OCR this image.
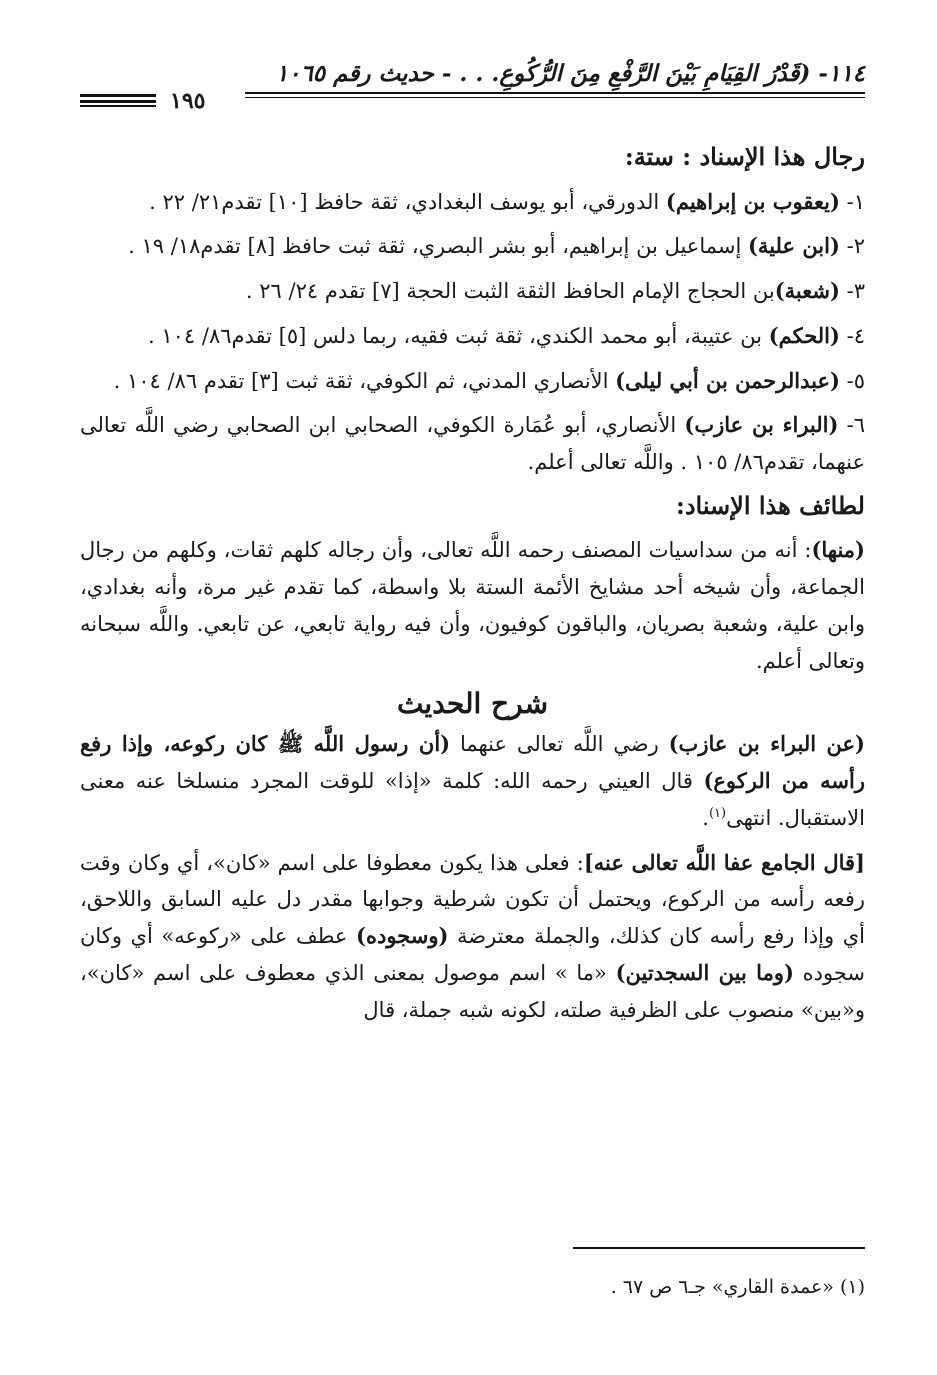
١١٤- (قَدْرُ القِيَامِ بَيْنَ الرَّفْعِ مِنَ الرُّكُوعِ. . . - حديث رقم ١٠٦٥
١٩٥
رجال هذا الإسناد : ستة:
١- (يعقوب بن إبراهيم) الدورقي، أبو يوسف البغدادي، ثقة حافظ [١٠] تقدم٢١/ ٢٢ .
٢- (ابن علية) إسماعيل بن إبراهيم، أبو بشر البصري، ثقة ثبت حافظ [٨] تقدم١٨/ ١٩ .
٣- (شعبة)بن الحجاج الإمام الحافظ الثقة الثبت الحجة [٧] تقدم ٢٤/ ٢٦ .
٤- (الحكم) بن عتيبة، أبو محمد الكندي، ثقة ثبت فقيه، ربما دلس [٥] تقدم٨٦/ ١٠٤ .
٥- (عبدالرحمن بن أبي ليلى) الأنصاري المدني، ثم الكوفي، ثقة ثبت [٣] تقدم ٨٦/ ١٠٤ .
٦- (البراء بن عازب) الأنصاري، أبو عُمَارة الكوفي، الصحابي ابن الصحابي رضي اللَّه تعالى عنهما، تقدم٨٦/ ١٠٥ . واللَّه تعالى أعلم.
لطائف هذا الإسناد:
(منها): أنه من سداسيات المصنف رحمه اللَّه تعالى، وأن رجاله كلهم ثقات، وكلهم من رجال الجماعة، وأن شيخه أحد مشايخ الأئمة الستة بلا واسطة، كما تقدم غير مرة، وأنه بغدادي، وابن علية، وشعبة بصريان، والباقون كوفيون، وأن فيه رواية تابعي، عن تابعي. واللَّه سبحانه وتعالى أعلم.
شرح الحديث
(عن البراء بن عازب) رضي اللَّه تعالى عنهما (أن رسول اللَّه ﷺ كان ركوعه، وإذا رفع رأسه من الركوع) قال العيني رحمه الله: كلمة «إذا» للوقت المجرد منسلخا عنه معنى الاستقبال. انتهى$^{(١)}$.
[قال الجامع عفا اللَّه تعالى عنه]: فعلى هذا يكون معطوفا على اسم «كان»، أي وكان وقت رفعه رأسه من الركوع، ويحتمل أن تكون شرطية وجوابها مقدر دل عليه السابق واللاحق، أي وإذا رفع رأسه كان كذلك، والجملة معترضة (وسجوده) عطف على «ركوعه» أي وكان سجوده (وما بين السجدتين) «ما » اسم موصول بمعنى الذي معطوف على اسم «كان»، و«بين» منصوب على الظرفية صلته، لكونه شبه جملة، قال
(١) «عمدة القاري» جـ٦ ص ٦٧ .
